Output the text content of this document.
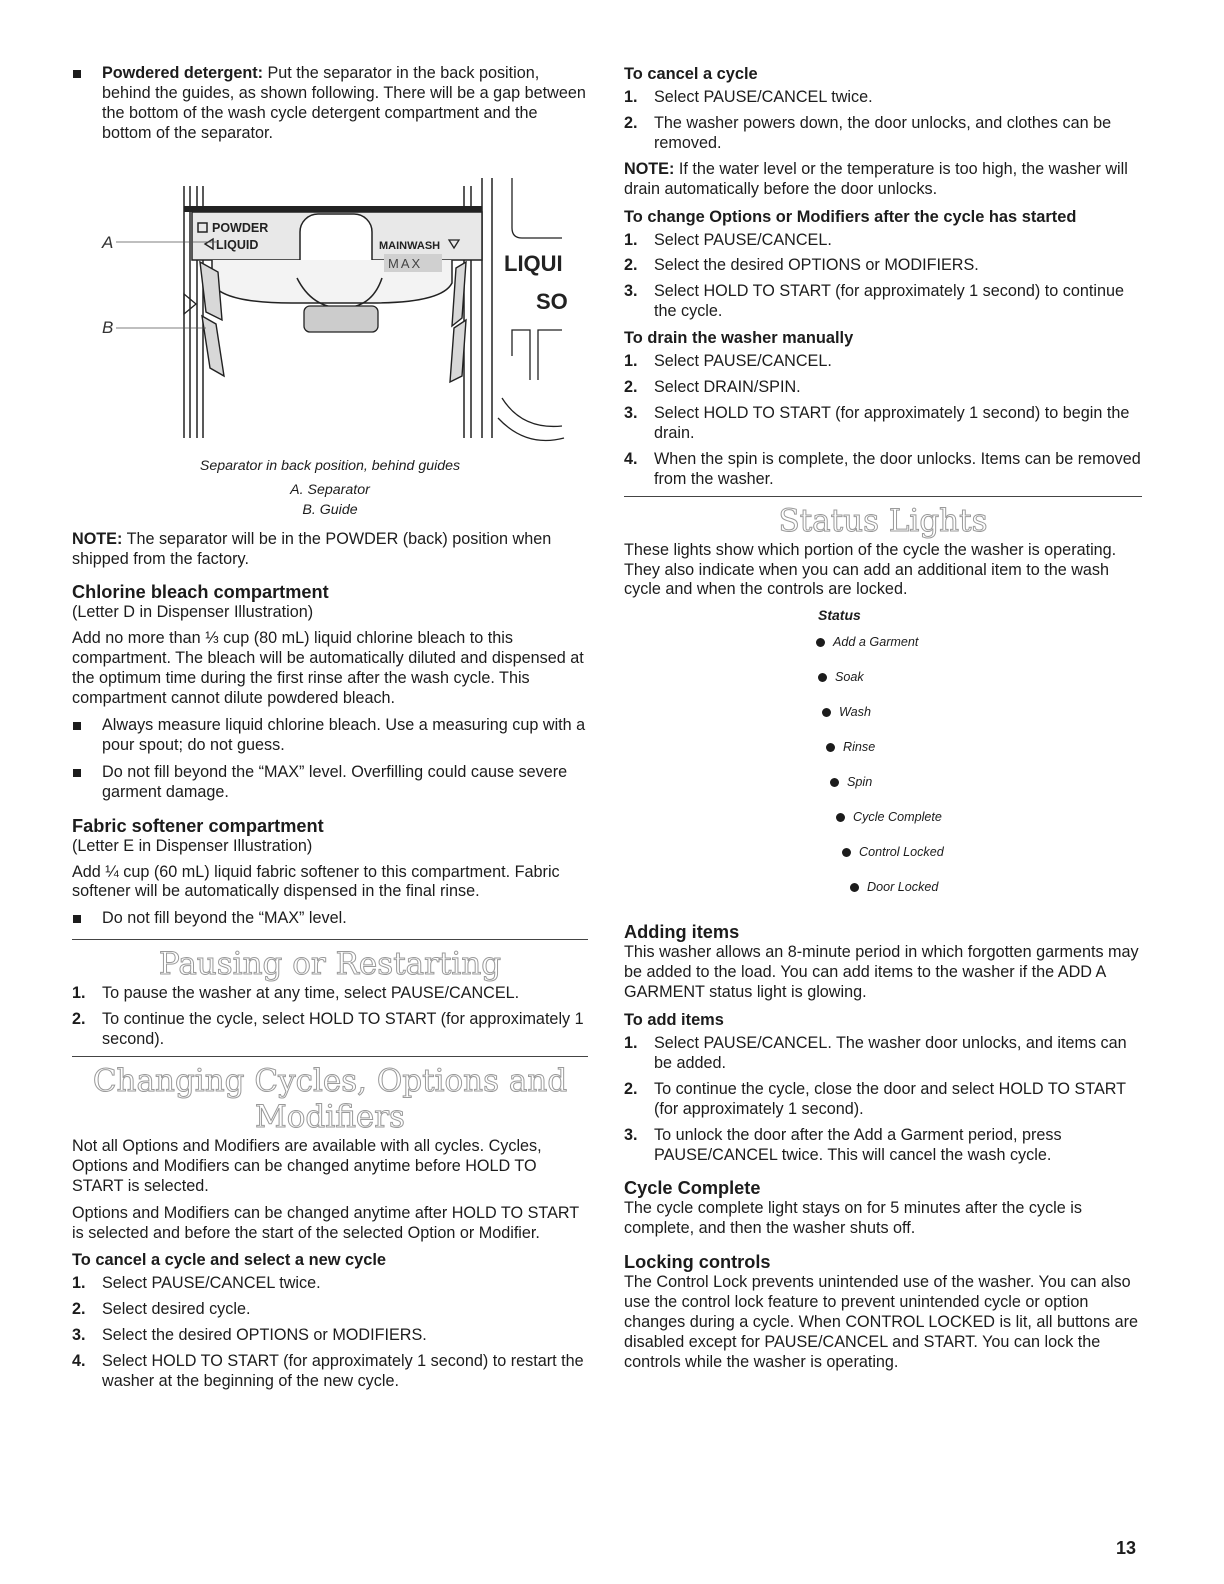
Powdered detergent: Put the separator in the back position, behind the guides, as shown following. There will be a gap between the bottom of the wash cycle detergent compartment and the bottom of the separator.

POWDER
LIQUID	MAINWASH
MAX	LIQUI
SO
A
B
Separator in back position, behind guides
A. Separator
B. Guide

NOTE: The separator will be in the POWDER (back) position when shipped from the factory.

Chlorine bleach compartment

(Letter D in Dispenser Illustration)

Add no more than ⅓ cup (80 mL) liquid chlorine bleach to this compartment. The bleach will be automatically diluted and dispensed at the optimum time during the first rinse after the wash cycle. This compartment cannot dilute powdered bleach.

Always measure liquid chlorine bleach. Use a measuring cup with a pour spout; do not guess.

Do not fill beyond the “MAX” level. Overfilling could cause severe garment damage.

Fabric softener compartment

(Letter E in Dispenser Illustration)

Add ¼ cup (60 mL) liquid fabric softener to this compartment. Fabric softener will be automatically dispensed in the final rinse.

Do not fill beyond the “MAX” level.

Pausing or Restarting
1. To pause the washer at any time, select PAUSE/CANCEL.
2. To continue the cycle, select HOLD TO START (for approximately 1 second).
Changing Cycles, Options and Modifiers

Not all Options and Modifiers are available with all cycles. Cycles, Options and Modifiers can be changed anytime before HOLD TO START is selected.

Options and Modifiers can be changed anytime after HOLD TO START is selected and before the start of the selected Option or Modifier.

To cancel a cycle and select a new cycle
1. Select PAUSE/CANCEL twice.
2. Select desired cycle.
3. Select the desired OPTIONS or MODIFIERS.
4. Select HOLD TO START (for approximately 1 second) to restart the washer at the beginning of the new cycle.
To cancel a cycle
1. Select PAUSE/CANCEL twice.
2. The washer powers down, the door unlocks, and clothes can be removed.

NOTE: If the water level or the temperature is too high, the washer will drain automatically before the door unlocks.

To change Options or Modifiers after the cycle has started
1. Select PAUSE/CANCEL.
2. Select the desired OPTIONS or MODIFIERS.
3. Select HOLD TO START (for approximately 1 second) to continue the cycle.
To drain the washer manually
1. Select PAUSE/CANCEL.
2. Select DRAIN/SPIN.
3. Select HOLD TO START (for approximately 1 second) to begin the drain.
4. When the spin is complete, the door unlocks. Items can be removed from the washer.
Status Lights

These lights show which portion of the cycle the washer is operating. They also indicate when you can add an additional item to the wash cycle and when the controls are locked.

Status
Add a Garment
Soak
Wash
Rinse
Spin
Cycle Complete
Control Locked
Door Locked
Adding items

This washer allows an 8-minute period in which forgotten garments may be added to the load. You can add items to the washer if the ADD A GARMENT status light is glowing.

To add items
1. Select PAUSE/CANCEL. The washer door unlocks, and items can be added.
2. To continue the cycle, close the door and select HOLD TO START (for approximately 1 second).
3. To unlock the door after the Add a Garment period, press PAUSE/CANCEL twice. This will cancel the wash cycle.
Cycle Complete

The cycle complete light stays on for 5 minutes after the cycle is complete, and then the washer shuts off.

Locking controls

The Control Lock prevents unintended use of the washer. You can also use the control lock feature to prevent unintended cycle or option changes during a cycle. When CONTROL LOCKED is lit, all buttons are disabled except for PAUSE/CANCEL and START. You can lock the controls while the washer is operating.

13
